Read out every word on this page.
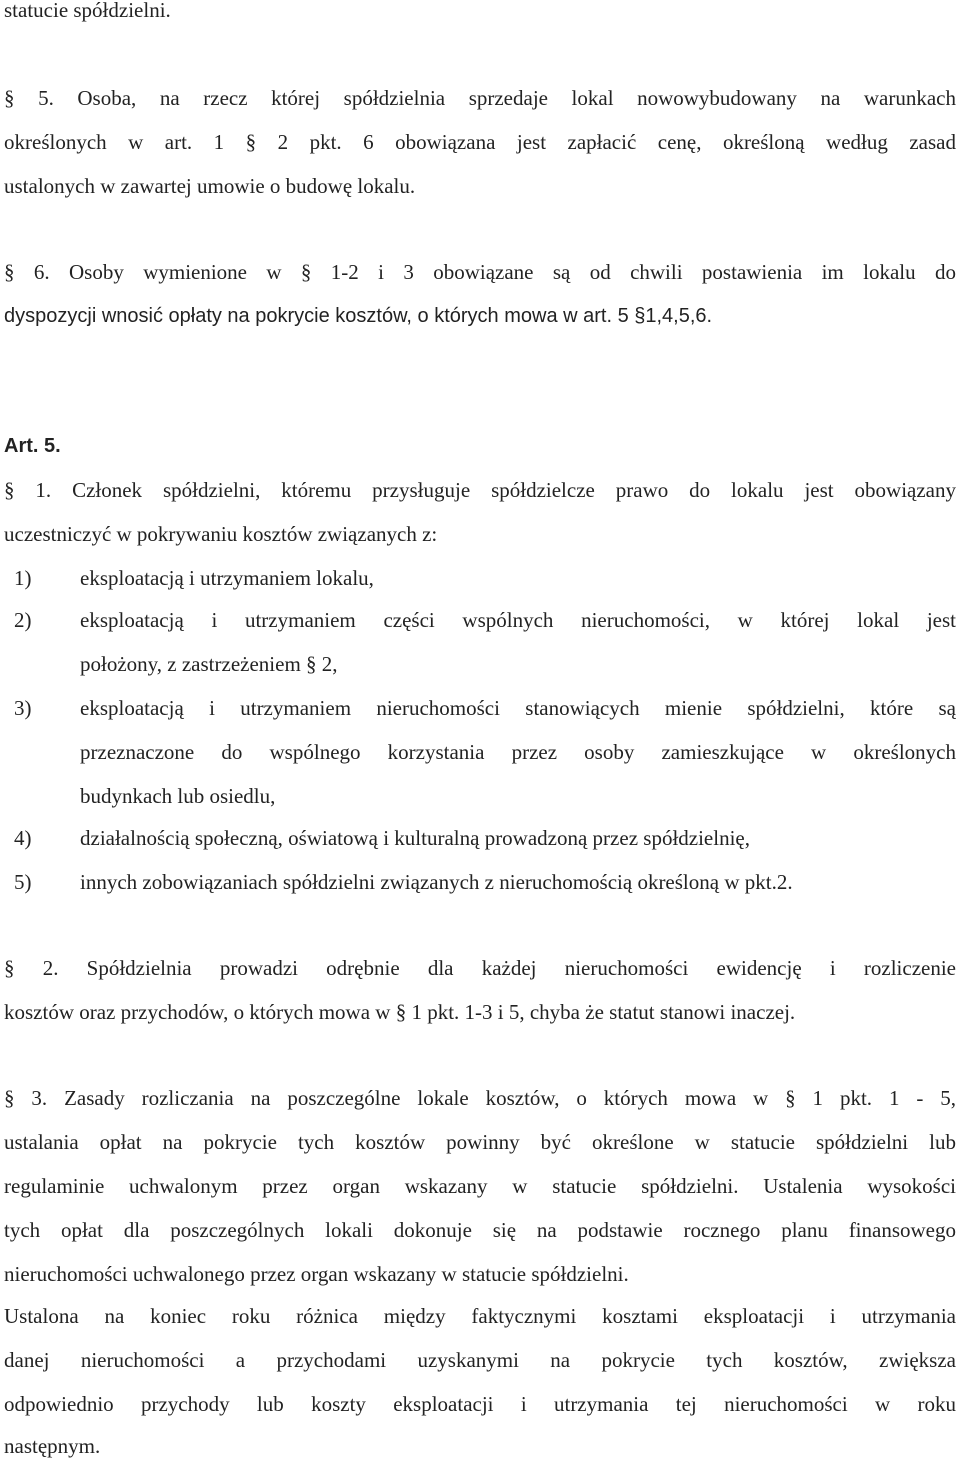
statucie spółdzielni.
§ 5. Osoba, na rzecz której spółdzielnia sprzedaje lokal nowowybudowany na warunkach
określonych w art. 1 § 2 pkt. 6 obowiązana jest zapłacić cenę, określoną według zasad
ustalonych w zawartej umowie o budowę lokalu.
§ 6. Osoby wymienione w § 1-2 i 3 obowiązane są od chwili postawienia im lokalu do
dyspozycji wnosić opłaty na pokrycie kosztów, o których mowa w art. 5 §1,4,5,6.
Art. 5.
§ 1. Członek spółdzielni, któremu przysługuje spółdzielcze prawo do lokalu jest obowiązany
uczestniczyć w pokrywaniu kosztów związanych z:
1)	eksploatacją i utrzymaniem lokalu,
2)	eksploatacją i utrzymaniem części wspólnych nieruchomości, w której lokal jest
położony, z zastrzeżeniem § 2,
3)	eksploatacją i utrzymaniem nieruchomości stanowiących mienie spółdzielni, które są
przeznaczone do wspólnego korzystania przez osoby zamieszkujące w określonych
budynkach lub osiedlu,
4)	działalnością społeczną, oświatową i kulturalną prowadzoną przez spółdzielnię,
5)	innych zobowiązaniach spółdzielni związanych z nieruchomością określoną w pkt.2.
§ 2. Spółdzielnia prowadzi odrębnie dla każdej nieruchomości ewidencję i rozliczenie
kosztów oraz przychodów, o których mowa w § 1 pkt. 1-3 i 5, chyba że statut stanowi inaczej.
§ 3. Zasady rozliczania na poszczególne lokale kosztów, o których mowa w § 1 pkt. 1 - 5,
ustalania opłat na pokrycie tych kosztów powinny być określone w statucie spółdzielni lub
regulaminie uchwalonym przez organ wskazany w statucie spółdzielni. Ustalenia wysokości
tych opłat dla poszczególnych lokali dokonuje się na podstawie rocznego planu finansowego
nieruchomości uchwalonego przez organ wskazany w statucie spółdzielni.
Ustalona na koniec roku różnica między faktycznymi kosztami eksploatacji i utrzymania
danej nieruchomości a przychodami uzyskanymi na pokrycie tych kosztów, zwiększa
odpowiednio przychody lub koszty eksploatacji i utrzymania tej nieruchomości w roku
następnym.
